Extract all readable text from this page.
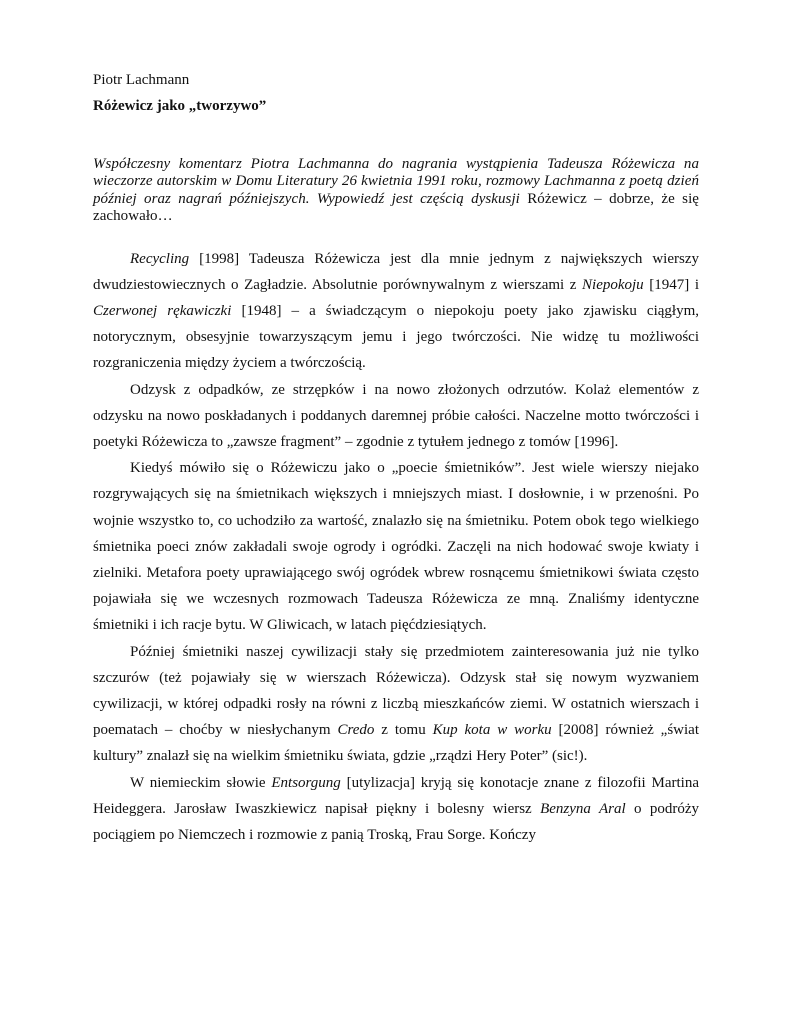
Piotr Lachmann

Różewicz jako „tworzywo”

Współczesny komentarz Piotra Lachmanna do nagrania wystąpienia Tadeusza Różewicza na wieczorze autorskim w Domu Literatury 26 kwietnia 1991 roku, rozmowy Lachmanna z poetą dzień później oraz nagrań późniejszych. Wypowiedź jest częścią dyskusji Różewicz – dobrze, że się zachowało…

Recycling [1998] Tadeusza Różewicza jest dla mnie jednym z największych wierszy dwudziestowiecznych o Zagładzie. Absolutnie porównywalnym z wierszami z Niepokoju [1947] i Czerwonej rękawiczki [1948] – a świadczącym o niepokoju poety jako zjawisku ciągłym, notorycznym, obsesyjnie towarzyszącym jemu i jego twórczości. Nie widzę tu możliwości rozgraniczenia między życiem a twórczością.

Odzysk z odpadków, ze strzępków i na nowo złożonych odrzutów. Kolaż elementów z odzysku na nowo poskładanych i poddanych daremnej próbie całości. Naczelne motto twórczości i poetyki Różewicza to „zawsze fragment” – zgodnie z tytułem jednego z tomów [1996].

Kiedyś mówiło się o Różewiczu jako o „poecie śmietników”. Jest wiele wierszy niejako rozgrywających się na śmietnikach większych i mniejszych miast. I dosłownie, i w przenośni. Po wojnie wszystko to, co uchodziło za wartość, znalazło się na śmietniku. Potem obok tego wielkiego śmietnika poeci znów zakładali swoje ogrody i ogródki. Zaczęli na nich hodować swoje kwiaty i zielniki. Metafora poety uprawiającego swój ogródek wbrew rosnącemu śmietnikowi świata często pojawiała się we wczesnych rozmowach Tadeusza Różewicza ze mną. Znaliśmy identyczne śmietniki i ich racje bytu. W Gliwicach, w latach pięćdziesiątych.

Później śmietniki naszej cywilizacji stały się przedmiotem zainteresowania już nie tylko szczurów (też pojawiały się w wierszach Różewicza). Odzysk stał się nowym wyzwaniem cywilizacji, w której odpadki rosły na równi z liczbą mieszkańców ziemi. W ostatnich wierszach i poematach – choćby w niesłychanym Credo z tomu Kup kota w worku [2008] również „świat kultury” znalazł się na wielkim śmietniku świata, gdzie „rządzi Hery Poter” (sic!).

W niemieckim słowie Entsorgung [utylizacja] kryją się konotacje znane z filozofii Martina Heideggera. Jarosław Iwaszkiewicz napisał piękny i bolesny wiersz Benzyna Aral o podróży pociągiem po Niemczech i rozmowie z panią Troską, Frau Sorge. Kończy
